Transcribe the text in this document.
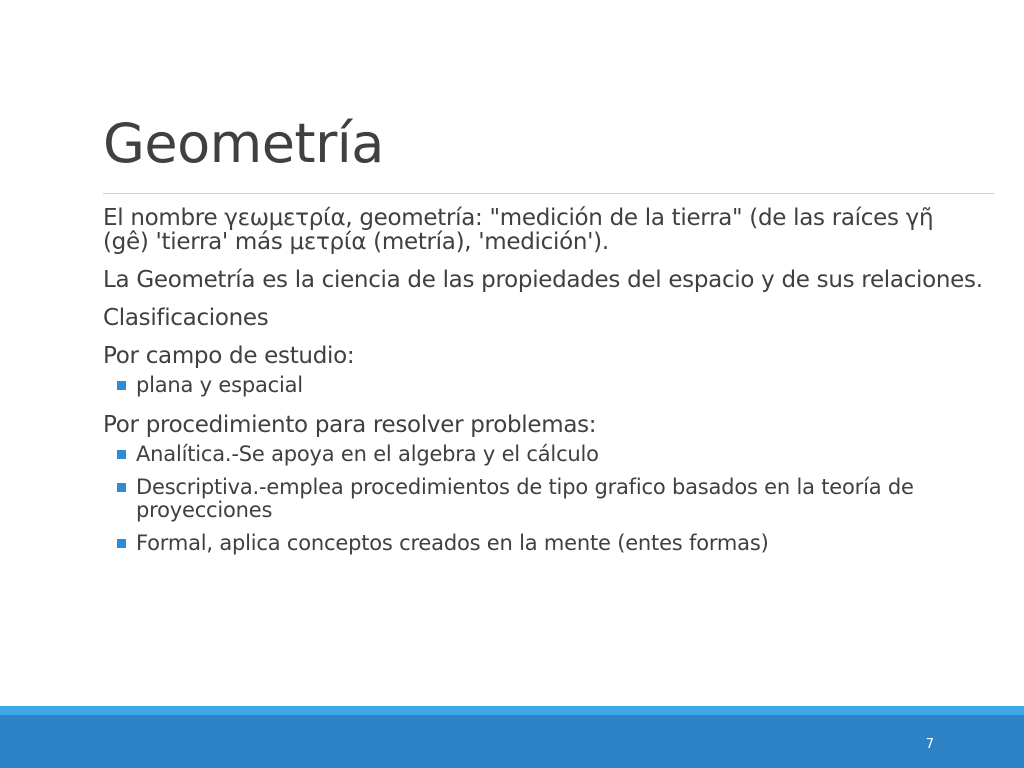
Geometría

El nombre γεωμετρία, geometría: "medición de la tierra" (de las raíces γῆ (gê) 'tierra' más μετρία (metría), 'medición').

La Geometría es la ciencia de las propiedades del espacio y de sus relaciones.

Clasificaciones

Por campo de estudio:

plana y espacial

Por procedimiento para resolver problemas:

Analítica.-Se apoya en el algebra y el cálculo
Descriptiva.-emplea procedimientos de tipo grafico basados en la teoría de proyecciones
Formal, aplica conceptos creados en la mente (entes formas)
7
